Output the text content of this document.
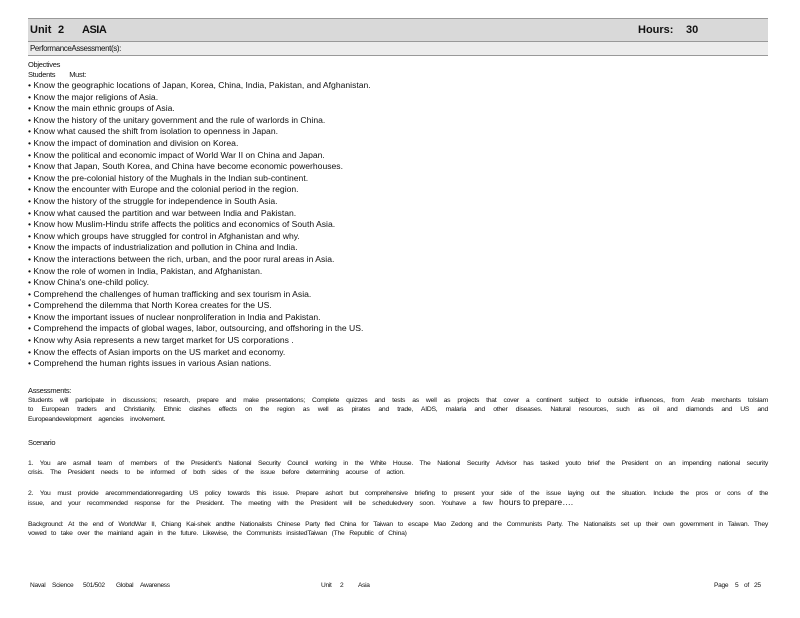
Unit 2 ASIA	Hours: 30
PerformanceAssessment(s):
Objectives
Students Must:
• Know the geographic locations of Japan, Korea, China, India, Pakistan, and Afghanistan.
• Know the major religions of Asia.
• Know the main ethnic groups of Asia.
• Know the history of the unitary government and the rule of warlords in China.
• Know what caused the shift from isolation to openness in Japan.
• Know the impact of domination and division on Korea.
• Know the political and economic impact of World War II on China and Japan.
• Know that Japan, South Korea, and China have become economic powerhouses.
• Know the pre-colonial history of the Mughals in the Indian sub-continent.
• Know the encounter with Europe and the colonial period in the region.
• Know the history of the struggle for independence in South Asia.
• Know what caused the partition and war between India and Pakistan.
• Know how Muslim-Hindu strife affects the politics and economics of South Asia.
• Know which groups have struggled for control in Afghanistan and why.
• Know the impacts of industrialization and pollution in China and India.
• Know the interactions between the rich, urban, and the poor rural areas in Asia.
• Know the role of women in India, Pakistan, and Afghanistan.
• Know China's one-child policy.
• Comprehend the challenges of human trafficking and sex tourism in Asia.
• Comprehend the dilemma that North Korea creates for the US.
• Know the important issues of nuclear nonproliferation in India and Pakistan.
• Comprehend the impacts of global wages, labor, outsourcing, and offshoring in the US.
• Know why Asia represents a new target market for US corporations .
• Know the effects of Asian imports on the US market and economy.
• Comprehend the human rights issues in various Asian nations.
Assessments:
Students will participate in discussions; research, prepare and make presentations; Complete quizzes and tests as well as projects that cover a continent subject to outside influences, from Arab merchants toIslam to European traders and Christianity. Ethnic clashes effects on the region as well as pirates and trade, AIDS, malaria and other diseases. Natural resources, such as oil and diamonds and US and Europeandevelopment agencies involvement.
Scenario
1. You are asmall team of members of the President's National Security Council working in the White House. The National Security Advisor has tasked youto brief the President on an impending national security crisis. The President needs to be informed of both sides of the issue before determining acourse of action.
2. You must provide arecommendationregarding US policy towards this issue. Prepare ashort but comprehensive briefing to present your side of the issue laying out the situation. Include the pros or cons of the issue, and your recommended response for the President. The meeting with the President will be scheduledvery soon. Youhave a few hours to prepare….
Background: At the end of WorldWar II, Chiang Kai-shek andthe Nationalists Chinese Party fled China for Taiwan to escape Mao Zedong and the Communists Party. The Nationalists set up their own government in Taiwan. They vowed to take over the mainland again in the future. Likewise, the Communists insistedTaiwan (The Republic of China)
Naval Science 501/502 Global Awareness	Unit 2 Asia	Page 5 of 25
